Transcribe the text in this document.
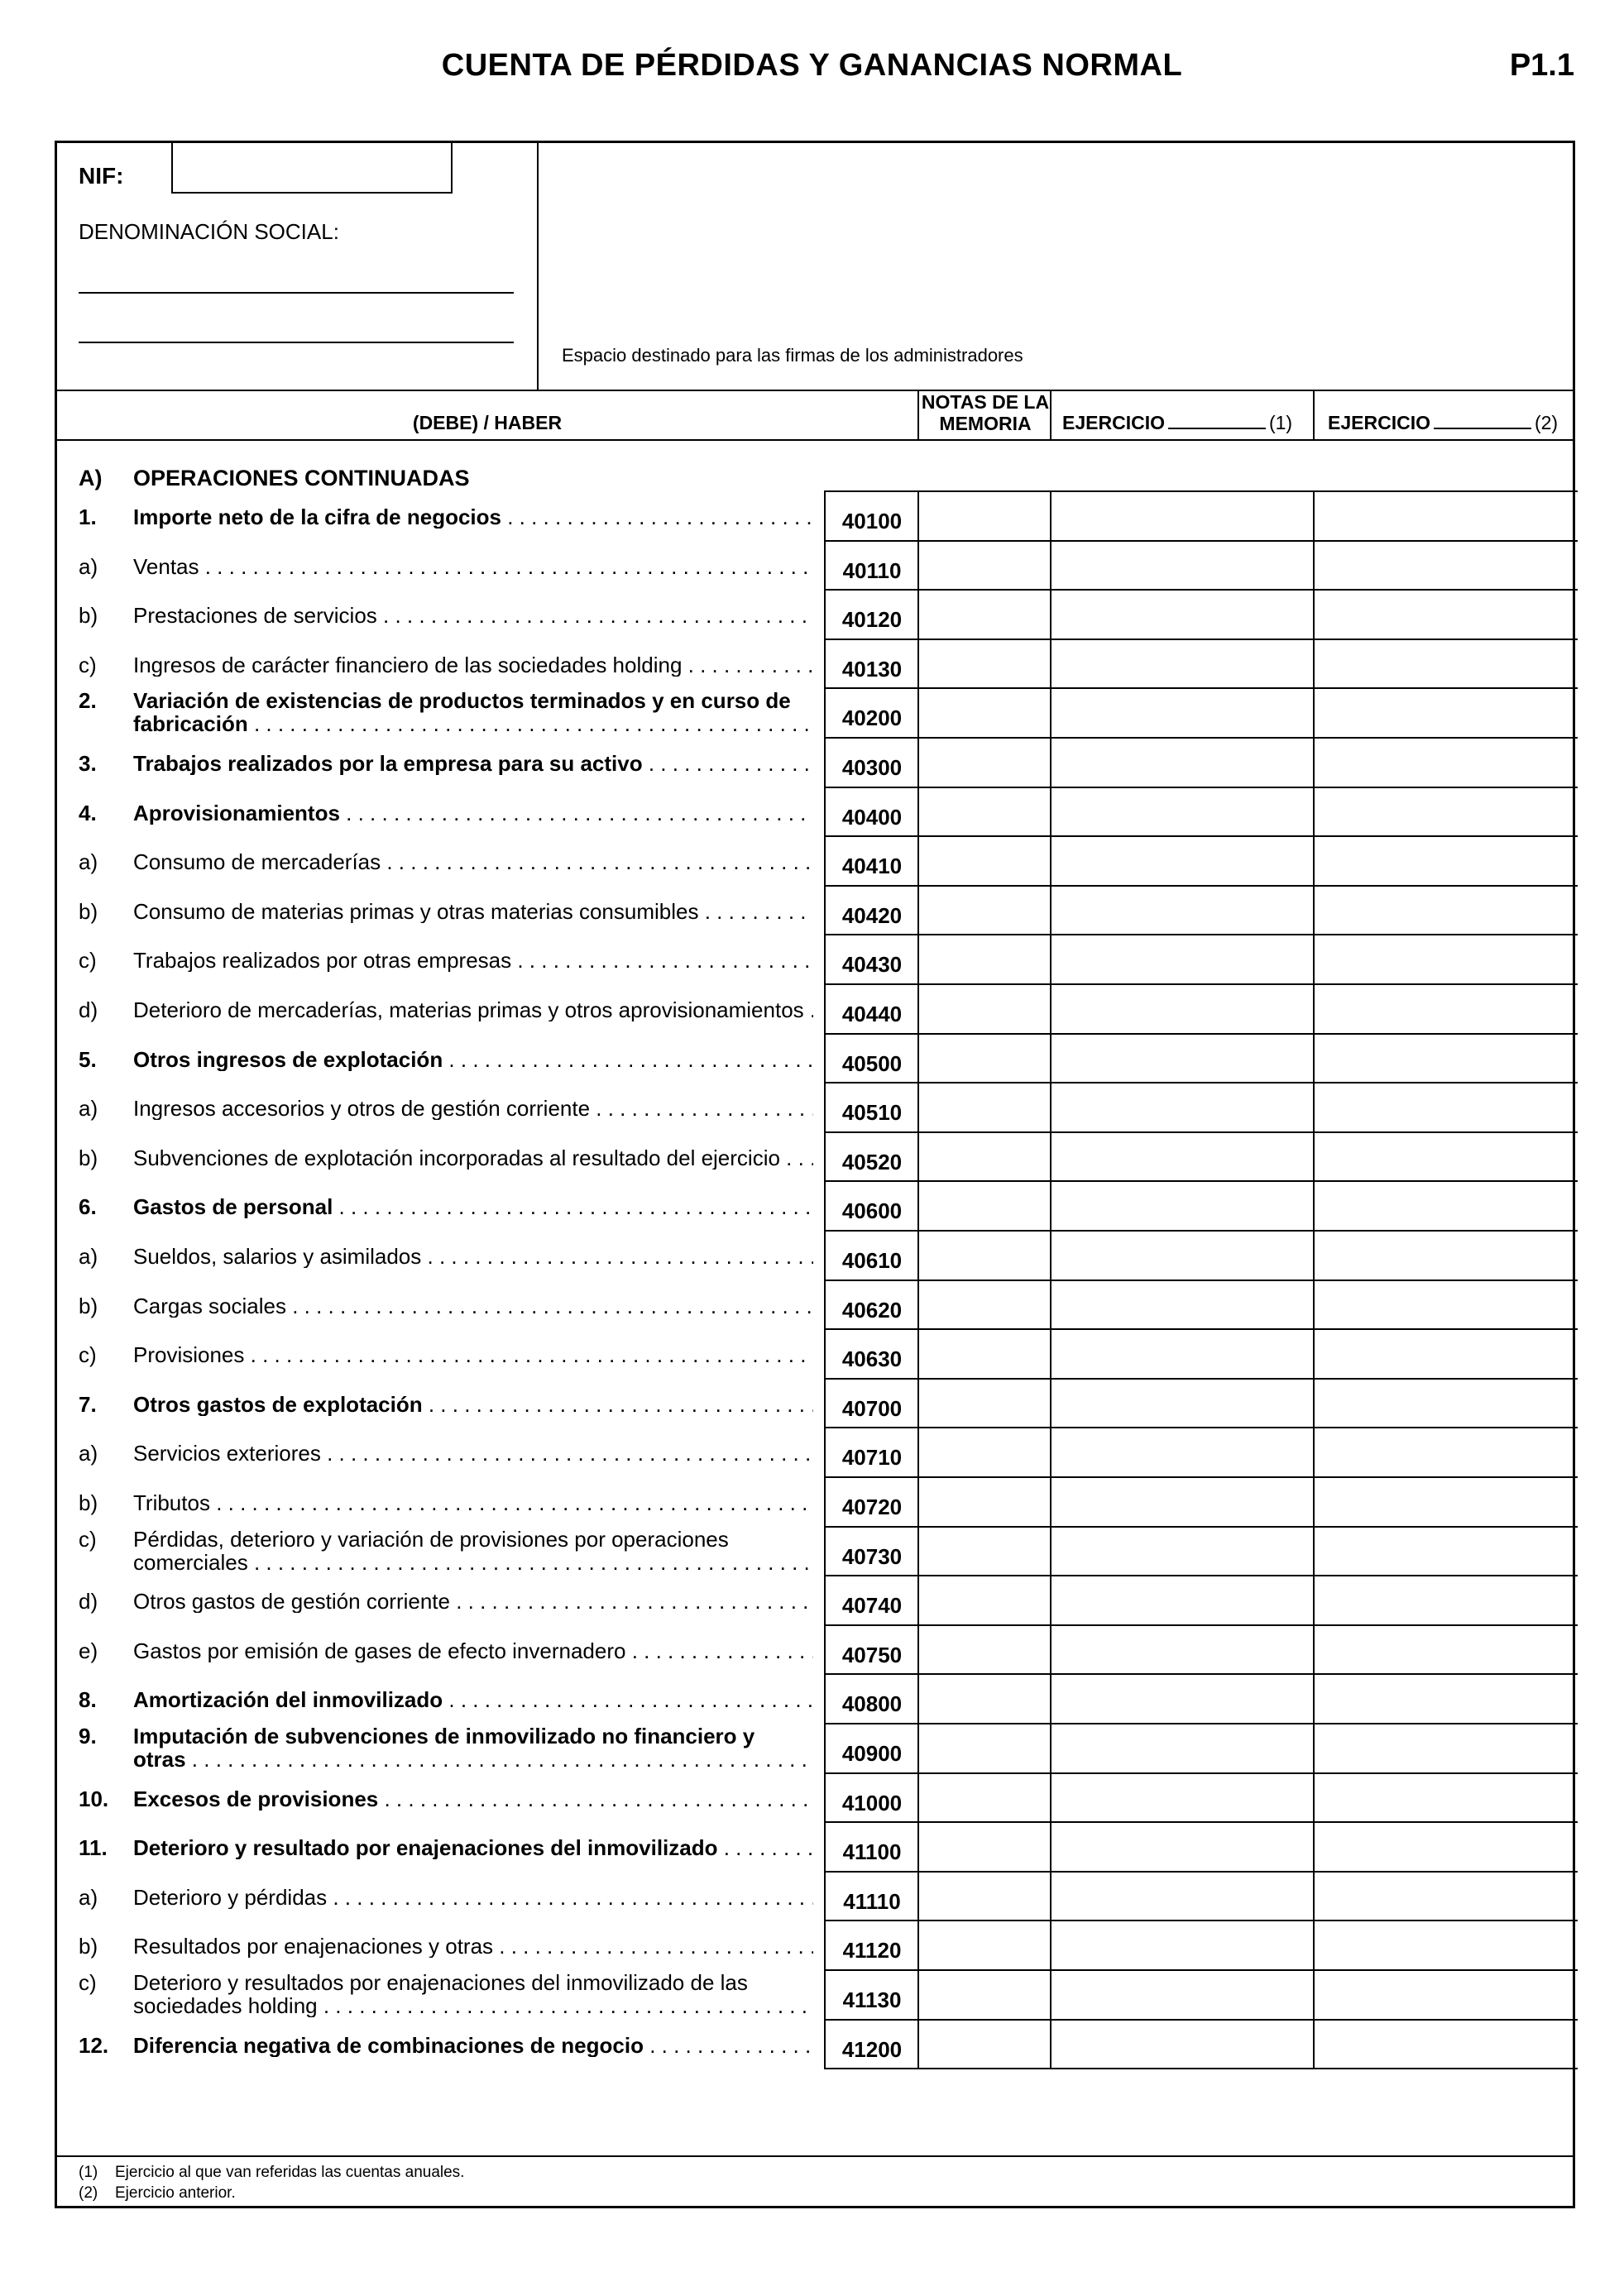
CUENTA DE PÉRDIDAS Y GANANCIAS NORMAL	P1.1
NIF:
DENOMINACIÓN SOCIAL:
Espacio destinado para las firmas de los administradores
(DEBE) / HABER
NOTAS DE LA MEMORIA	EJERCICIO	(1) EJERCICIO	(2)
A) OPERACIONES CONTINUADAS
1.	Importe neto de la cifra de negocios . . .	40100
a)	Ventas . . .	40110
b)	Prestaciones de servicios . . .	40120
c)	Ingresos de carácter financiero de las sociedades holding . . .	40130
2.	Variación de existencias de productos terminados y en curso de fabricación . . .	40200
3.	Trabajos realizados por la empresa para su activo . . .	40300
4.	Aprovisionamientos . . .	40400
a)	Consumo de mercaderías . . .	40410
b)	Consumo de materias primas y otras materias consumibles . . .	40420
c)	Trabajos realizados por otras empresas . . .	40430
d)	Deterioro de mercaderías, materias primas y otros aprovisionamientos . . .	40440
5.	Otros ingresos de explotación . . .	40500
a)	Ingresos accesorios y otros de gestión corriente . . .	40510
b)	Subvenciones de explotación incorporadas al resultado del ejercicio . . .	40520
6.	Gastos de personal . . .	40600
a)	Sueldos, salarios y asimilados . . .	40610
b)	Cargas sociales . . .	40620
c)	Provisiones . . .	40630
7.	Otros gastos de explotación . . .	40700
a)	Servicios exteriores . . .	40710
b)	Tributos . . .	40720
c)	Pérdidas, deterioro y variación de provisiones por operaciones comerciales . . .	40730
d)	Otros gastos de gestión corriente . . .	40740
e)	Gastos por emisión de gases de efecto invernadero . . .	40750
8.	Amortización del inmovilizado . . .	40800
9.	Imputación de subvenciones de inmovilizado no financiero y otras . . .	40900
10.	Excesos de provisiones . . .	41000
11.	Deterioro y resultado por enajenaciones del inmovilizado . . .	41100
a)	Deterioro y pérdidas . . .	41110
b)	Resultados por enajenaciones y otras . . .	41120
c)	Deterioro y resultados por enajenaciones del inmovilizado de las sociedades holding . . .	41130
12.	Diferencia negativa de combinaciones de negocio . . .	41200
(1) Ejercicio al que van referidas las cuentas anuales.
(2) Ejercicio anterior.
